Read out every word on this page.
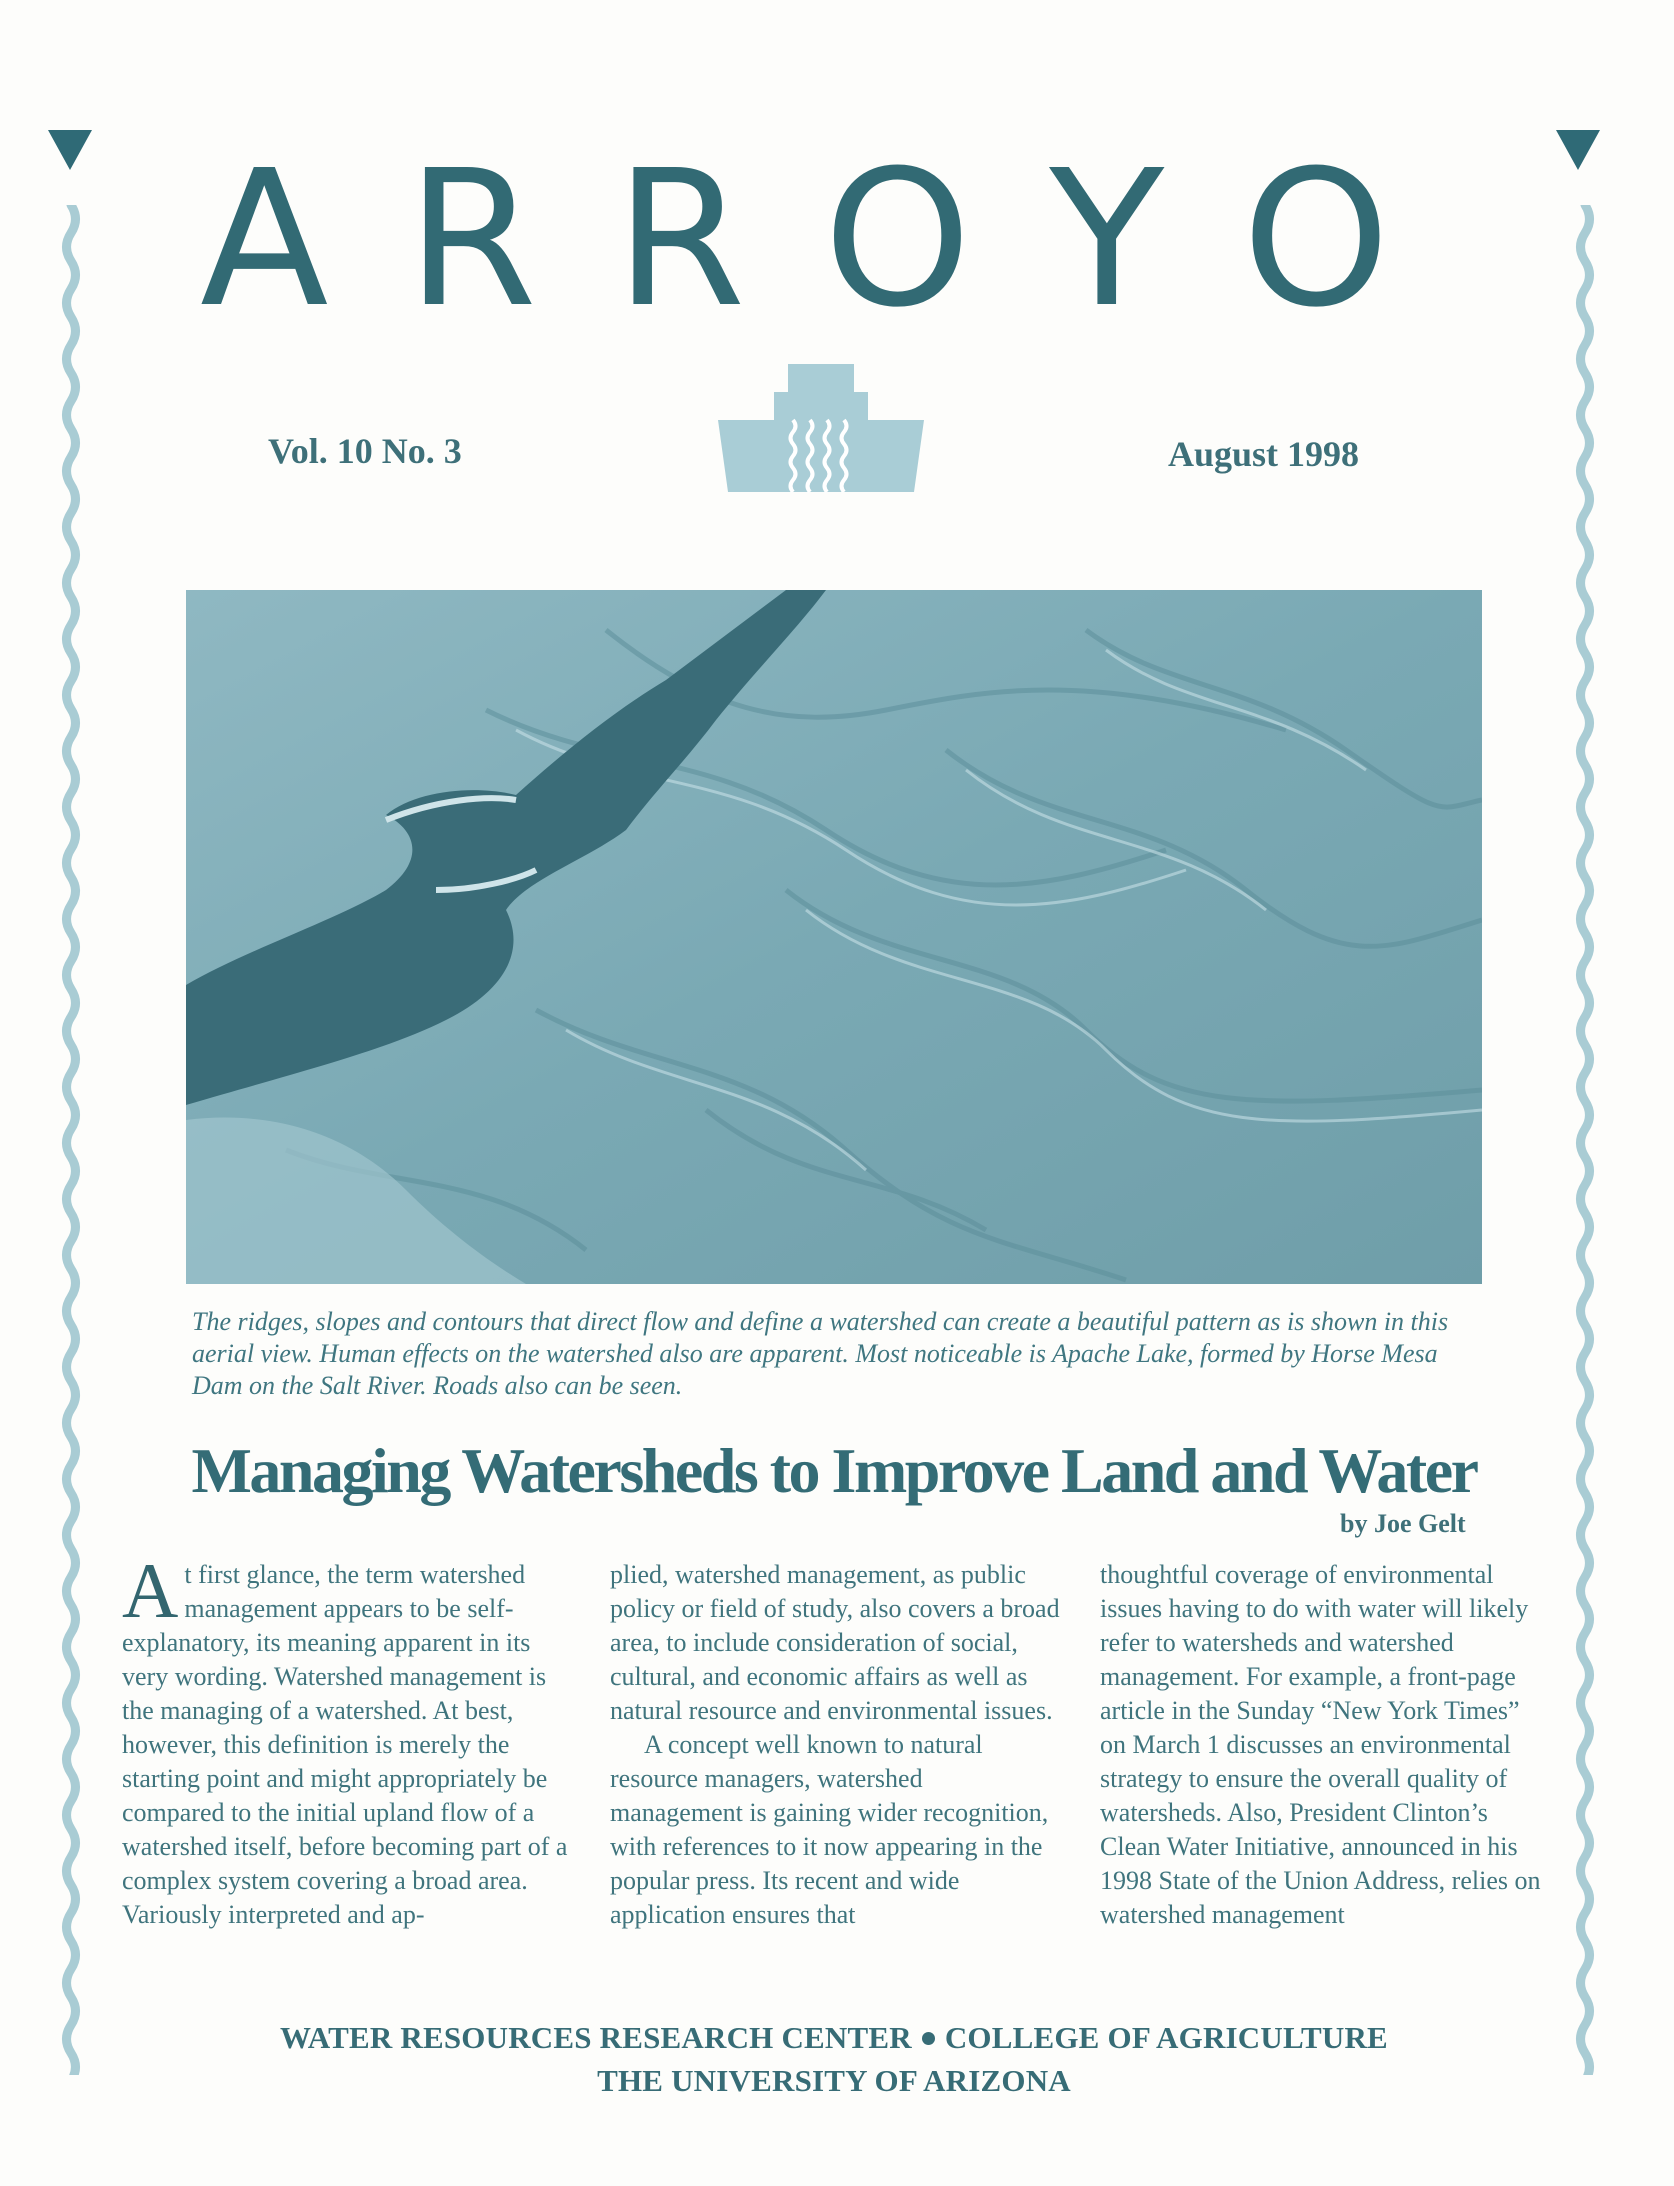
A R R O Y O
Vol. 10 No. 3	August 1998
The ridges, slopes and contours that direct flow and define a watershed can create a beautiful pattern as is shown in this aerial view. Human effects on the watershed also are apparent. Most noticeable is Apache Lake, formed by Horse Mesa Dam on the Salt River. Roads also can be seen.
Managing Watersheds to Improve Land and Water
by Joe Gelt

At first glance, the term watershed management appears to be self-explanatory, its meaning apparent in its very wording. Watershed management is the managing of a watershed. At best, however, this definition is merely the starting point and might appropriately be compared to the initial upland flow of a watershed itself, before becoming part of a complex system covering a broad area. Variously interpreted and ap-

plied, watershed management, as public policy or field of study, also covers a broad area, to include consideration of social, cultural, and economic affairs as well as natural resource and environmental issues.

A concept well known to natural resource managers, watershed management is gaining wider recognition, with references to it now appearing in the popular press. Its recent and wide application ensures that

thoughtful coverage of environmental issues having to do with water will likely refer to watersheds and watershed management. For example, a front-page article in the Sunday “New York Times” on March 1 discusses an environmental strategy to ensure the overall quality of watersheds. Also, President Clinton’s Clean Water Initiative, announced in his 1998 State of the Union Address, relies on watershed management

WATER RESOURCES RESEARCH CENTER COLLEGE OF AGRICULTURE
THE UNIVERSITY OF ARIZONA
